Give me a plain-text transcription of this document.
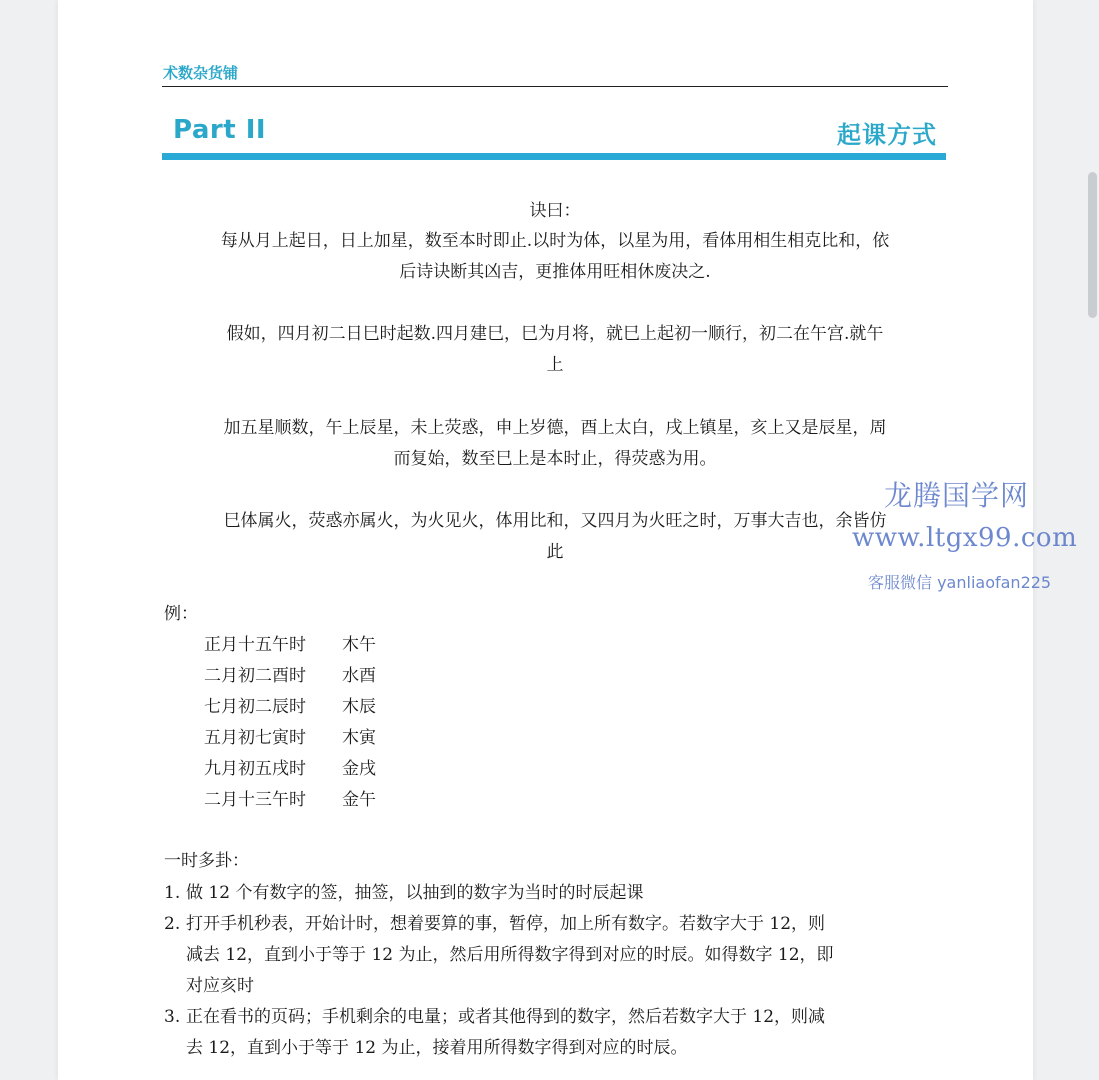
术数杂货铺
Part II	起课方式
诀曰：
每从月上起日，日上加星，数至本时即止.以时为体，以星为用，看体用相生相克比和，依
后诗诀断其凶吉，更推体用旺相休废决之.
假如，四月初二日巳时起数.四月建巳，巳为月将，就巳上起初一顺行，初二在午宫.就午
上
加五星顺数，午上辰星，未上荧惑，申上岁德，酉上太白，戌上镇星，亥上又是辰星，周
而复始，数至巳上是本时止，得荧惑为用。
巳体属火，荧惑亦属火，为火见火，体用比和，又四月为火旺之时，万事大吉也，余皆仿
此
例：
正月十五午时 木午
二月初二酉时 水酉
七月初二辰时 木辰
五月初七寅时 木寅
九月初五戌时 金戌
二月十三午时 金午
一时多卦：
1. 做 12 个有数字的签，抽签，以抽到的数字为当时的时辰起课
2. 打开手机秒表，开始计时，想着要算的事，暂停，加上所有数字。若数字大于 12，则
减去 12，直到小于等于 12 为止，然后用所得数字得到对应的时辰。如得数字 12，即
对应亥时
3. 正在看书的页码；手机剩余的电量；或者其他得到的数字，然后若数字大于 12，则减
去 12，直到小于等于 12 为止，接着用所得数字得到对应的时辰。
龙腾国学网
www.ltgx99.com
客服微信 yanliaofan225
